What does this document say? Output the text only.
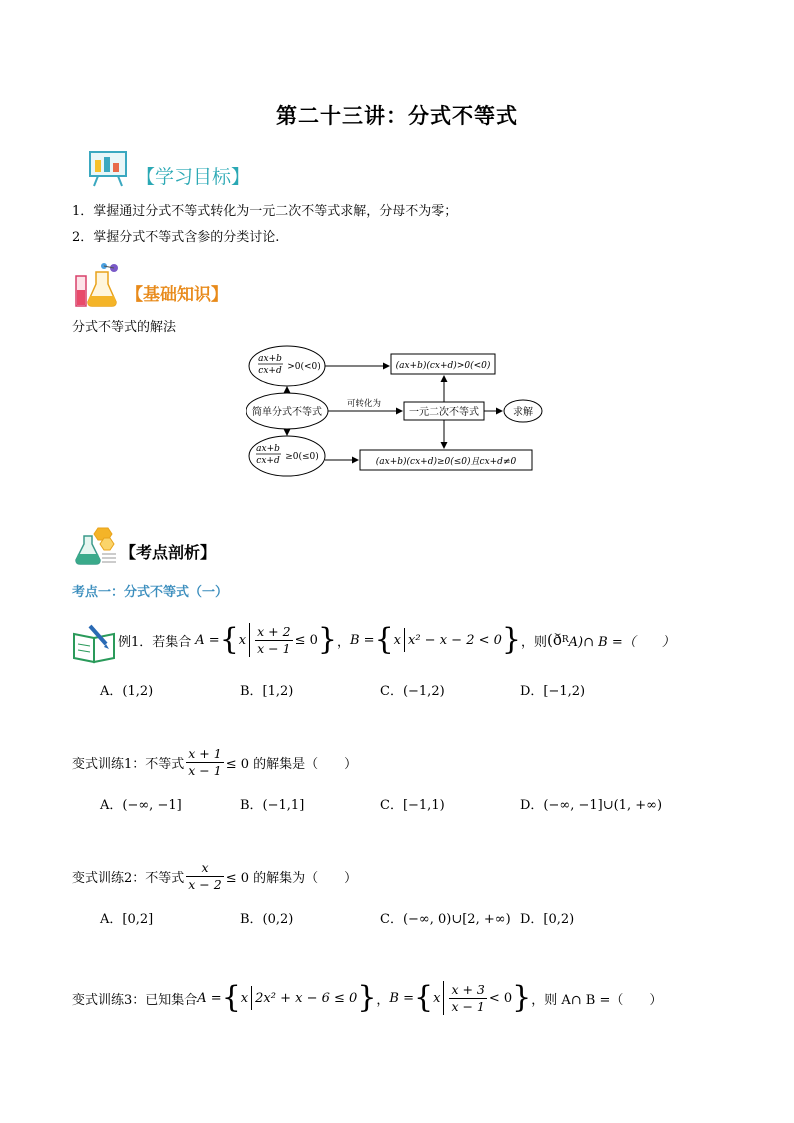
第二十三讲：分式不等式
【学习目标】
1．掌握通过分式不等式转化为一元二次不等式求解，分母不为零；
2．掌握分式不等式含参的分类讨论.
【基础知识】
分式不等式的解法
ax+b
cx+d >0(<0)
简单分式不等式
ax+b
cx+d ≥0(≤0)
(ax+b)(cx+d)>0(<0)
一元二次不等式
(ax+b)(cx+d)≥0(≤0)且cx+d≠0
求解
可转化为
【考点剖析】
考点一：分式不等式（一）
例1．若集合 A = { x $\frac{x + 2}{x - 1} \le 0$ } ， B = { x x² − x − 2 < 0 } ，则 (ð R A)∩ B =（　　）
A．(1,2)	B．[1,2)	C．(−1,2)	D．[−1,2)
变式训练1：不等式 $\frac{x + 1}{x - 1} \le 0$ 的解集是（　　）
A．(−∞, −1]	B．(−1,1]	C．[−1,1)	D．(−∞, −1]∪(1, +∞)
变式训练2：不等式 $\frac{x}{x - 2} \le 0$ 的解集为（　　）
A．[0,2]	B．(0,2)	C．(−∞, 0)∪[2, +∞) D．[0,2)
变式训练3：已知集合 A = { x 2x² + x − 6 ≤ 0 } ， B = { x $\frac{x + 3}{x - 1} < 0$ } ，则 A∩ B =（　　）
